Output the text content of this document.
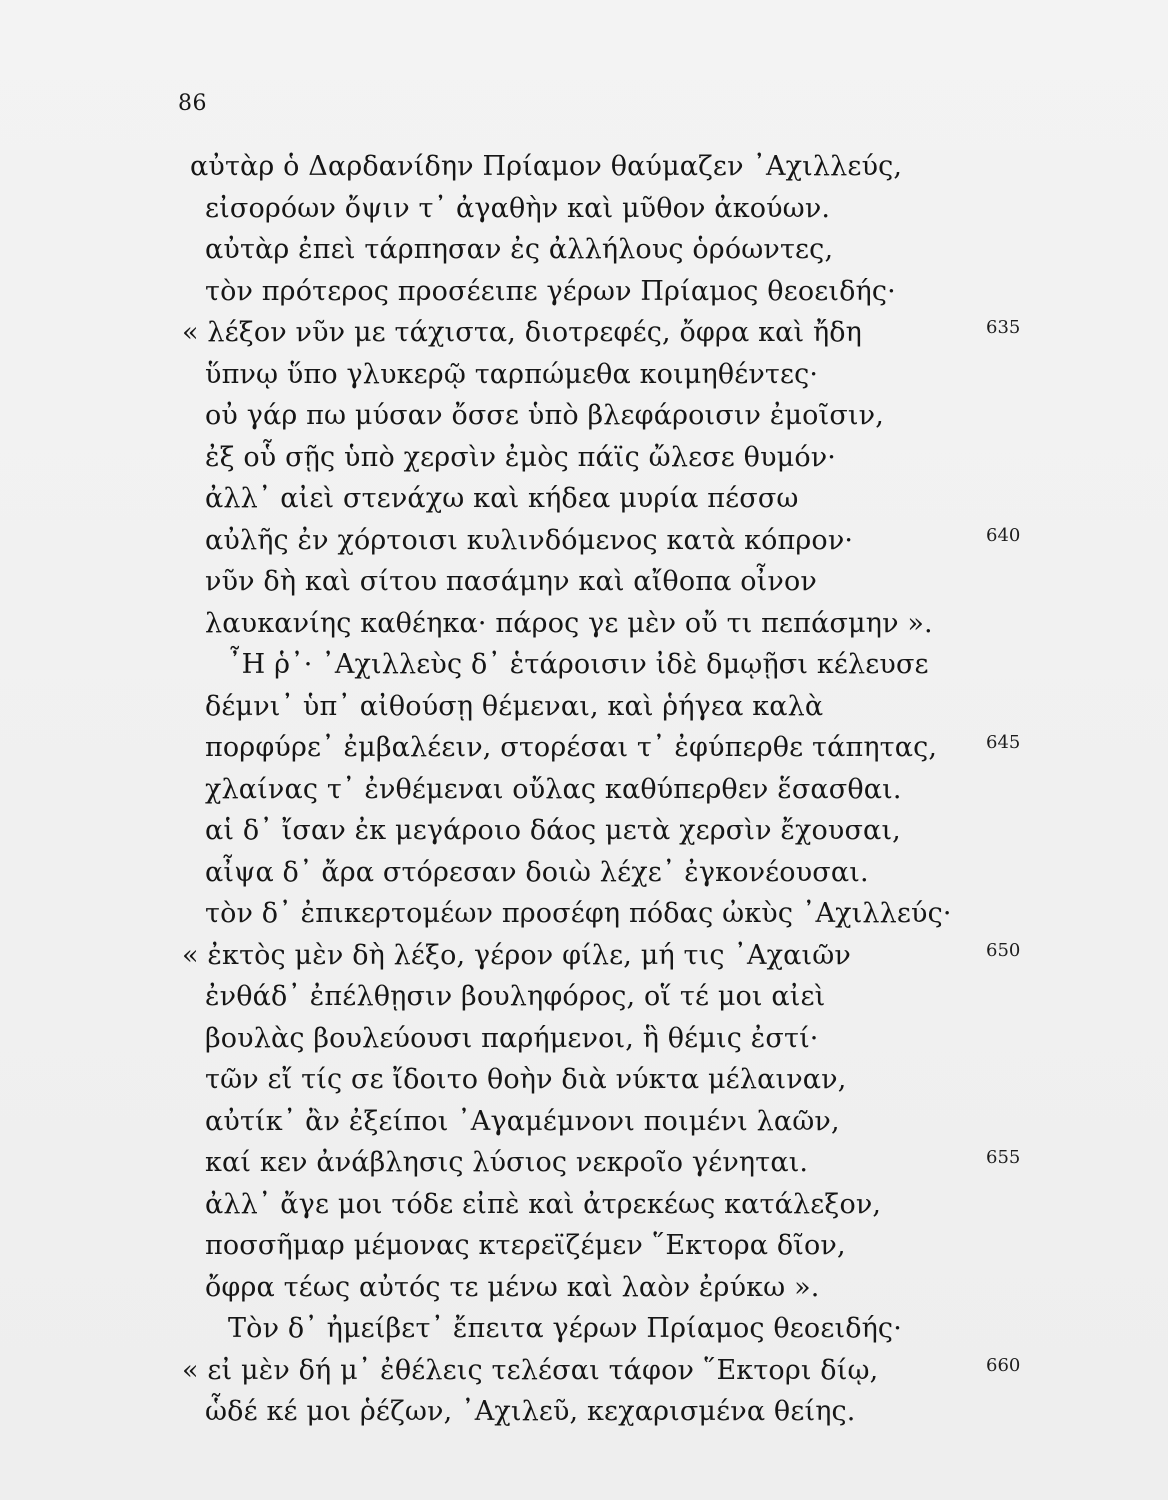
86
αὐτὰρ ὁ Δαρδανίδην Πρίαμον θαύμαζεν ᾿Αχιλλεύς,
εἰσορόων ὄψιν τ᾿ ἀγαθὴν καὶ μῦθον ἀκούων.
αὐτὰρ ἐπεὶ τάρπησαν ἐς ἀλλήλους ὁρόωντες,
τὸν πρότερος προσέειπε γέρων Πρίαμος θεοειδής·
« λέξον νῦν με τάχιστα, διοτρεφές, ὄφρα καὶ ἤδη	635
ὕπνῳ ὕπο γλυκερῷ ταρπώμεθα κοιμηθέντες·
οὐ γάρ πω μύσαν ὄσσε ὑπὸ βλεφάροισιν ἐμοῖσιν,
ἐξ οὗ σῇς ὑπὸ χερσὶν ἐμὸς πάϊς ὤλεσε θυμόν·
ἀλλ᾿ αἰεὶ στενάχω καὶ κήδεα μυρία πέσσω
αὐλῆς ἐν χόρτοισι κυλινδόμενος κατὰ κόπρον·	640
νῦν δὴ καὶ σίτου πασάμην καὶ αἴθοπα οἶνον
λαυκανίης καθέηκα· πάρος γε μὲν οὔ τι πεπάσμην ».
῏Η ῥ᾿· ᾿Αχιλλεὺς δ᾿ ἑτάροισιν ἰδὲ δμῳῇσι κέλευσε
δέμνι᾿ ὑπ᾿ αἰθούσῃ θέμεναι, καὶ ῥήγεα καλὰ
πορφύρε᾿ ἐμβαλέειν, στορέσαι τ᾿ ἐφύπερθε τάπητας,	645
χλαίνας τ᾿ ἐνθέμεναι οὔλας καθύπερθεν ἕσασθαι.
αἱ δ᾿ ἴσαν ἐκ μεγάροιο δάος μετὰ χερσὶν ἔχουσαι,
αἶψα δ᾿ ἄρα στόρεσαν δοιὼ λέχε᾿ ἐγκονέουσαι.
τὸν δ᾿ ἐπικερτομέων προσέφη πόδας ὠκὺς ᾿Αχιλλεύς·
« ἐκτὸς μὲν δὴ λέξο, γέρον φίλε, μή τις ᾿Αχαιῶν	650
ἐνθάδ᾿ ἐπέλθῃσιν βουληφόρος, οἵ τέ μοι αἰεὶ
βουλὰς βουλεύουσι παρήμενοι, ἣ θέμις ἐστί·
τῶν εἴ τίς σε ἴδοιτο θοὴν διὰ νύκτα μέλαιναν,
αὐτίκ᾿ ἂν ἐξείποι ᾿Αγαμέμνονι ποιμένι λαῶν,
καί κεν ἀνάβλησις λύσιος νεκροῖο γένηται.	655
ἀλλ᾿ ἄγε μοι τόδε εἰπὲ καὶ ἀτρεκέως κατάλεξον,
ποσσῆμαρ μέμονας κτερεϊζέμεν ῞Εκτορα δῖον,
ὄφρα τέως αὐτός τε μένω καὶ λαὸν ἐρύκω ».
Τὸν δ᾿ ἠμείβετ᾿ ἔπειτα γέρων Πρίαμος θεοειδής·
« εἰ μὲν δή μ᾿ ἐθέλεις τελέσαι τάφον ῞Εκτορι δίῳ,	660
ὧδέ κέ μοι ῥέζων, ᾿Αχιλεῦ, κεχαρισμένα θείης.
